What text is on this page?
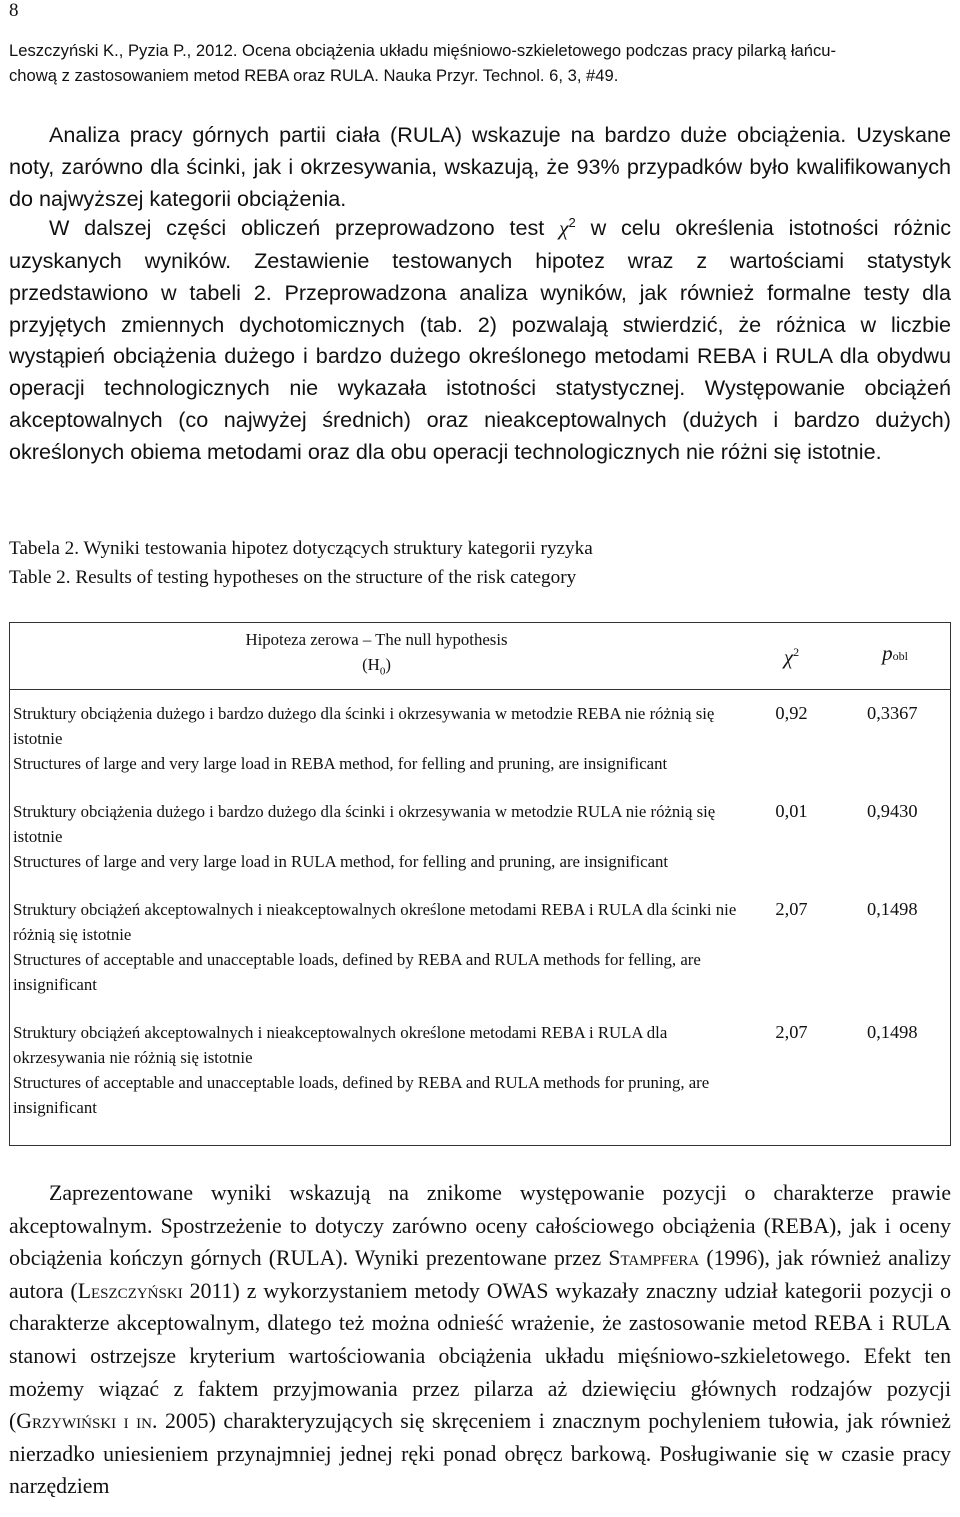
8
Leszczyński K., Pyzia P., 2012. Ocena obciążenia układu mięśniowo-szkieletowego podczas pracy pilarką łańcu-
chową z zastosowaniem metod REBA oraz RULA. Nauka Przyr. Technol. 6, 3, #49.

Analiza pracy górnych partii ciała (RULA) wskazuje na bardzo duże obciążenia. Uzyskane noty, zarówno dla ścinki, jak i okrzesywania, wskazują, że 93% przypadków było kwalifikowanych do najwyższej kategorii obciążenia.

W dalszej części obliczeń przeprowadzono test $\chi^2$ w celu określenia istotności różnic uzyskanych wyników. Zestawienie testowanych hipotez wraz z wartościami statystyk przedstawiono w tabeli 2. Przeprowadzona analiza wyników, jak również formalne testy dla przyjętych zmiennych dychotomicznych (tab. 2) pozwalają stwierdzić, że różnica w liczbie wystąpień obciążenia dużego i bardzo dużego określonego metodami REBA i RULA dla obydwu operacji technologicznych nie wykazała istotności statystycznej. Występowanie obciążeń akceptowalnych (co najwyżej średnich) oraz nieakceptowalnych (dużych i bardzo dużych) określonych obiema metodami oraz dla obu operacji technologicznych nie różni się istotnie.

Tabela 2. Wyniki testowania hipotez dotyczących struktury kategorii ryzyka
Table 2. Results of testing hypotheses on the structure of the risk category
Hipoteza zerowa – The null hypothesis
$(H_0)$	$\chi^2$	pobl

Struktury obciążenia dużego i bardzo dużego dla ścinki i okrzesywania w metodzie REBA nie różnią się istotnie
Structures of large and very large load in REBA method, for felling and pruning, are insignificant	0,92	0,3367

Struktury obciążenia dużego i bardzo dużego dla ścinki i okrzesywania w metodzie RULA nie różnią się istotnie
Structures of large and very large load in RULA method, for felling and pruning, are insignificant	0,01	0,9430

Struktury obciążeń akceptowalnych i nieakceptowalnych określone metodami REBA i RULA dla ścinki nie różnią się istotnie
Structures of acceptable and unacceptable loads, defined by REBA and RULA methods for felling, are insignificant	2,07	0,1498

Struktury obciążeń akceptowalnych i nieakceptowalnych określone metodami REBA i RULA dla okrzesywania nie różnią się istotnie
Structures of acceptable and unacceptable loads, defined by REBA and RULA methods for pruning, are insignificant	2,07	0,1498

Zaprezentowane wyniki wskazują na znikome występowanie pozycji o charakterze prawie akceptowalnym. Spostrzeżenie to dotyczy zarówno oceny całościowego obciążenia (REBA), jak i oceny obciążenia kończyn górnych (RULA). Wyniki prezentowane przez Stampfera (1996), jak również analizy autora (Leszczyński 2011) z wykorzystaniem metody OWAS wykazały znaczny udział kategorii pozycji o charakterze akceptowalnym, dlatego też można odnieść wrażenie, że zastosowanie metod REBA i RULA stanowi ostrzejsze kryterium wartościowania obciążenia układu mięśniowo-szkieletowego. Efekt ten możemy wiązać z faktem przyjmowania przez pilarza aż dziewięciu głównych rodzajów pozycji (Grzywiński i in. 2005) charakteryzujących się skręceniem i znacznym pochyleniem tułowia, jak również nierzadko uniesieniem przynajmniej jednej ręki ponad obręcz barkową. Posługiwanie się w czasie pracy narzędziem
